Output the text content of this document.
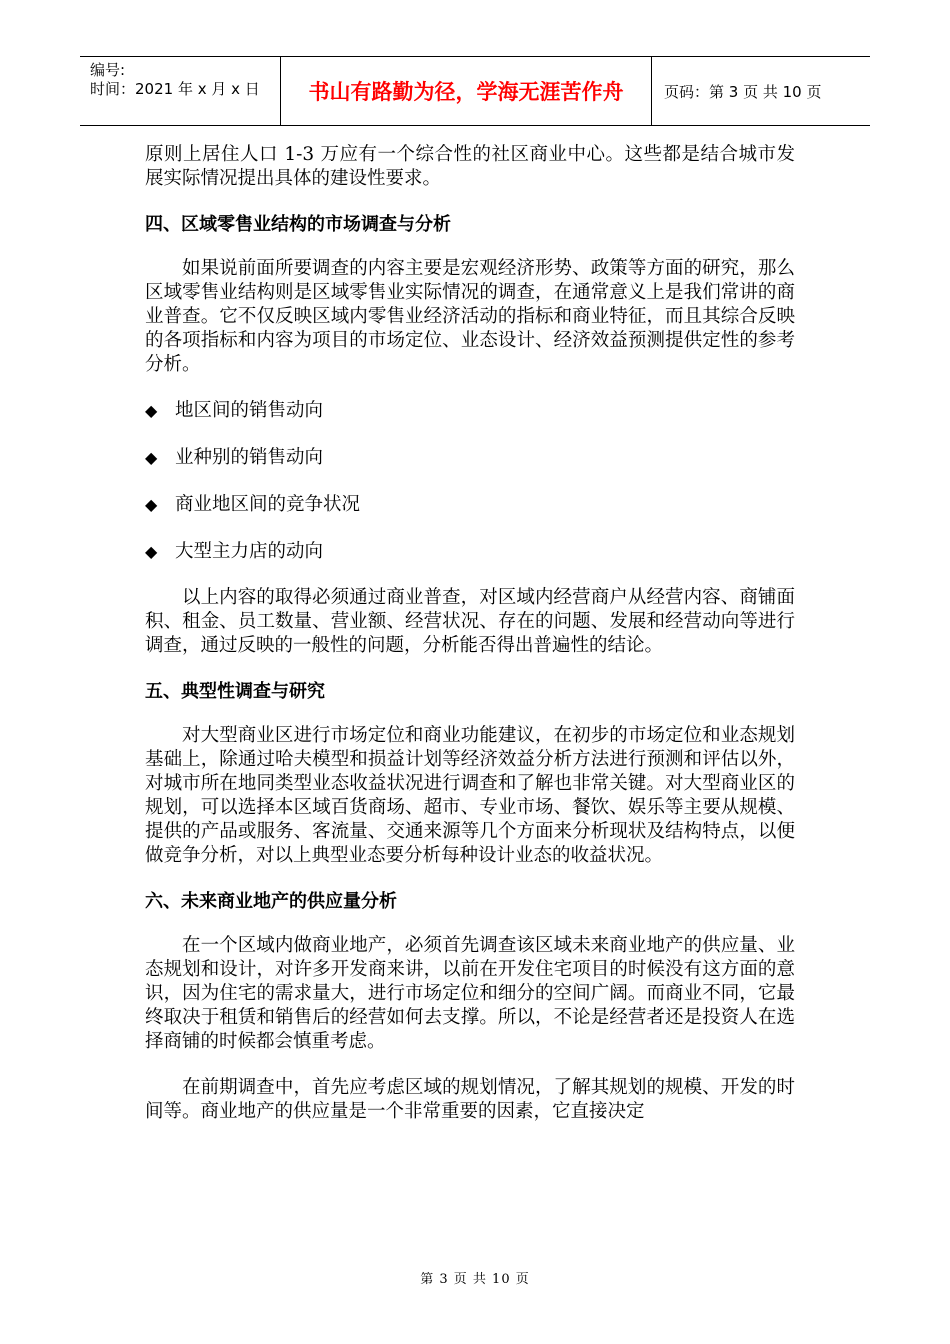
编号:
时间：2021 年 x 月 x 日	书山有路勤为径，学海无涯苦作舟	页码：第 3 页 共 10 页

原则上居住人口 1-3 万应有一个综合性的社区商业中心。这些都是结合城市发展实际情况提出具体的建设性要求。

四、区域零售业结构的市场调查与分析

如果说前面所要调查的内容主要是宏观经济形势、政策等方面的研究，那么区域零售业结构则是区域零售业实际情况的调查，在通常意义上是我们常讲的商业普查。它不仅反映区域内零售业经济活动的指标和商业特征，而且其综合反映的各项指标和内容为项目的市场定位、业态设计、经济效益预测提供定性的参考分析。

◆ 地区间的销售动向
◆ 业种别的销售动向
◆ 商业地区间的竞争状况
◆ 大型主力店的动向

以上内容的取得必须通过商业普查，对区域内经营商户从经营内容、商铺面积、租金、员工数量、营业额、经营状况、存在的问题、发展和经营动向等进行调查，通过反映的一般性的问题，分析能否得出普遍性的结论。

五、典型性调查与研究

对大型商业区进行市场定位和商业功能建议，在初步的市场定位和业态规划基础上，除通过哈夫模型和损益计划等经济效益分析方法进行预测和评估以外，对城市所在地同类型业态收益状况进行调查和了解也非常关键。对大型商业区的规划，可以选择本区域百货商场、超市、专业市场、餐饮、娱乐等主要从规模、提供的产品或服务、客流量、交通来源等几个方面来分析现状及结构特点，以便做竞争分析，对以上典型业态要分析每种设计业态的收益状况。

六、未来商业地产的供应量分析

在一个区域内做商业地产，必须首先调查该区域未来商业地产的供应量、业态规划和设计，对许多开发商来讲，以前在开发住宅项目的时候没有这方面的意识，因为住宅的需求量大，进行市场定位和细分的空间广阔。而商业不同，它最终取决于租赁和销售后的经营如何去支撑。所以，不论是经营者还是投资人在选择商铺的时候都会慎重考虑。

在前期调查中，首先应考虑区域的规划情况，了解其规划的规模、开发的时间等。商业地产的供应量是一个非常重要的因素，它直接决定

第 3 页 共 10 页
